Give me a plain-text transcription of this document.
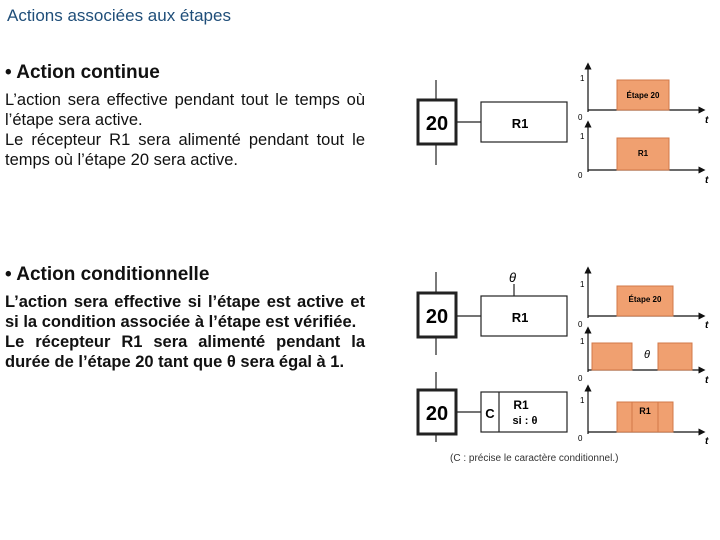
Actions associées aux étapes
• Action continue

L’action sera effective pendant tout le temps où l’étape sera active.

Le récepteur R1 sera alimenté pendant tout le temps où l’étape 20 sera active.

• Action conditionnelle

L’action sera effective si l’étape est active et si la condition associée à l’étape est vérifiée.

Le récepteur R1 sera alimenté pendant la durée de l’étape 20 tant que θ sera égal à 1.

20	R1
Étape 20
1
0	t
R1
1
0	t
20	R1
θ
20	C
R1
si : θ
Étape 20
1
0	t
θ
1
0	t
R1
1
0	t
(C : précise le caractère conditionnel.)
